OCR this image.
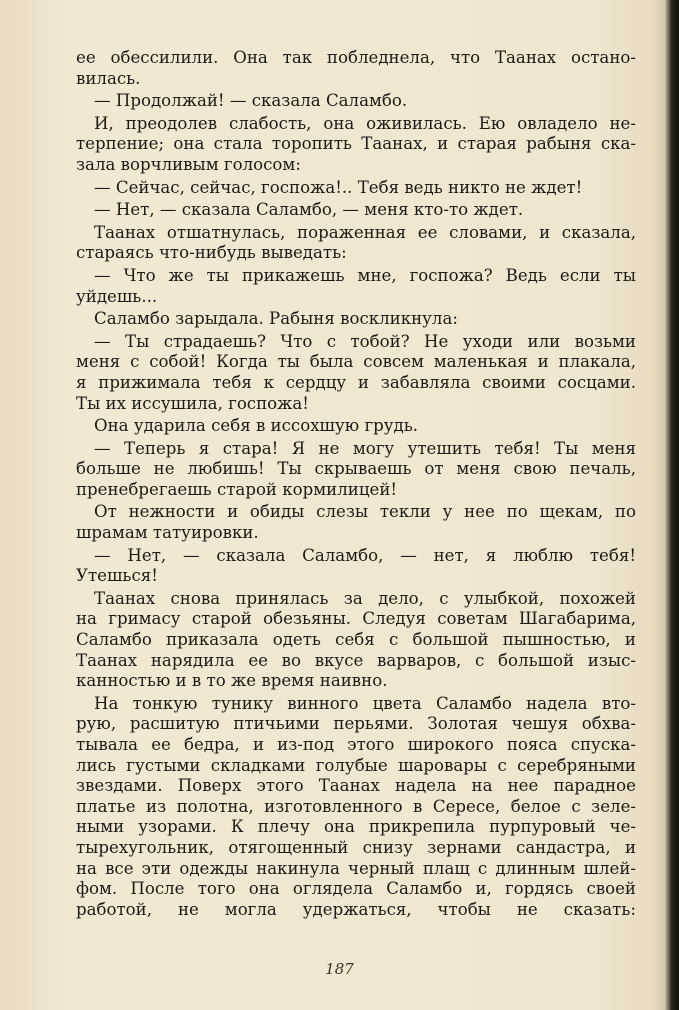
ее обессилили. Она так побледнела, что Таанах остано-
вилась.
— Продолжай! — сказала Саламбо.
И, преодолев слабость, она оживилась. Ею овладело не-
терпение; она стала торопить Таанах, и старая рабыня ска-
зала ворчливым голосом:
— Сейчас, сейчас, госпожа!.. Тебя ведь никто не ждет!
— Нет, — сказала Саламбо, — меня кто-то ждет.
Таанах отшатнулась, пораженная ее словами, и сказала,
стараясь что-нибудь выведать:
— Что же ты прикажешь мне, госпожа? Ведь если ты
уйдешь...
Саламбо зарыдала. Рабыня воскликнула:
— Ты страдаешь? Что с тобой? Не уходи или возьми
меня с собой! Когда ты была совсем маленькая и плакала,
я прижимала тебя к сердцу и забавляла своими сосцами.
Ты их иссушила, госпожа!
Она ударила себя в иссохшую грудь.
— Теперь я стара! Я не могу утешить тебя! Ты меня
больше не любишь! Ты скрываешь от меня свою печаль,
пренебрегаешь старой кормилицей!
От нежности и обиды слезы текли у нее по щекам, по
шрамам татуировки.
— Нет, — сказала Саламбо, — нет, я люблю тебя!
Утешься!
Таанах снова принялась за дело, с улыбкой, похожей
на гримасу старой обезьяны. Следуя советам Шагабарима,
Саламбо приказала одеть себя с большой пышностью, и
Таанах нарядила ее во вкусе варваров, с большой изыс-
канностью и в то же время наивно.
На тонкую тунику винного цвета Саламбо надела вто-
рую, расшитую птичьими перьями. Золотая чешуя обхва-
тывала ее бедра, и из-под этого широкого пояса спуска-
лись густыми складками голубые шаровары с серебряными
звездами. Поверх этого Таанах надела на нее парадное
платье из полотна, изготовленного в Сересе, белое с зеле-
ными узорами. К плечу она прикрепила пурпуровый че-
тырехугольник, отягощенный снизу зернами сандастра, и
на все эти одежды накинула черный плащ с длинным шлей-
фом. После того она оглядела Саламбо и, гордясь своей
работой, не могла удержаться, чтобы не сказать:
187
